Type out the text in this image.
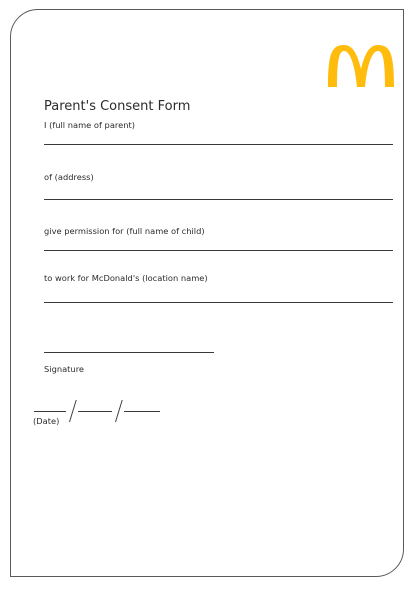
Parent's Consent Form
I (full name of parent)
of (address)
give permission for (full name of child)
to work for McDonald's (location name)
Signature
(Date)
